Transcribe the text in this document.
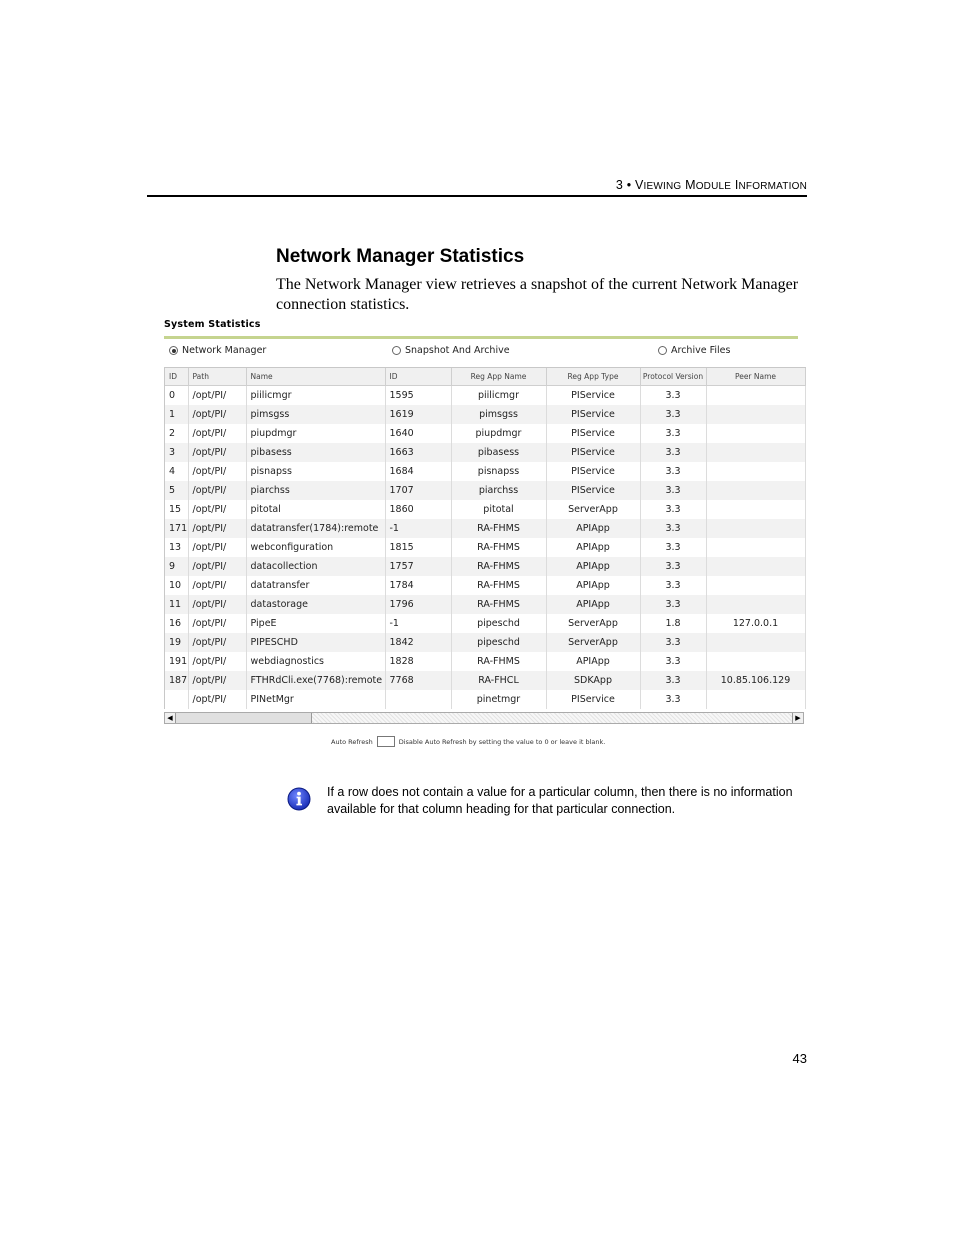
3 • VIEWING MODULE INFORMATION
Network Manager Statistics

The Network Manager view retrieves a snapshot of the current Network Manager connection statistics.

System Statistics
Network Manager	Snapshot And Archive	Archive Files
ID	Path	Name	ID	Reg App Name	Reg App Type	Protocol Version	Peer Name
0	/opt/PI/	piilicmgr	1595	piilicmgr	PIService	3.3	
1	/opt/PI/	pimsgss	1619	pimsgss	PIService	3.3	
2	/opt/PI/	piupdmgr	1640	piupdmgr	PIService	3.3	
3	/opt/PI/	pibasess	1663	pibasess	PIService	3.3	
4	/opt/PI/	pisnapss	1684	pisnapss	PIService	3.3	
5	/opt/PI/	piarchss	1707	piarchss	PIService	3.3	
15	/opt/PI/	pitotal	1860	pitotal	ServerApp	3.3	
171	/opt/PI/	datatransfer(1784):remote	-1	RA-FHMS	APIApp	3.3	
13	/opt/PI/	webconfiguration	1815	RA-FHMS	APIApp	3.3	
9	/opt/PI/	datacollection	1757	RA-FHMS	APIApp	3.3	
10	/opt/PI/	datatransfer	1784	RA-FHMS	APIApp	3.3	
11	/opt/PI/	datastorage	1796	RA-FHMS	APIApp	3.3	
16	/opt/PI/	PipeE	-1	pipeschd	ServerApp	1.8	127.0.0.1
19	/opt/PI/	PIPESCHD	1842	pipeschd	ServerApp	3.3	
191	/opt/PI/	webdiagnostics	1828	RA-FHMS	APIApp	3.3	
187	/opt/PI/	FTHRdCli.exe(7768):remote	7768	RA-FHCL	SDKApp	3.3	10.85.106.129
	/opt/PI/	PINetMgr		pinetmgr	PIService	3.3	
◀	▶
Auto Refresh	Disable Auto Refresh by setting the value to 0 or leave it blank.

If a row does not contain a value for a particular column, then there is no information available for that column heading for that particular connection.

43
